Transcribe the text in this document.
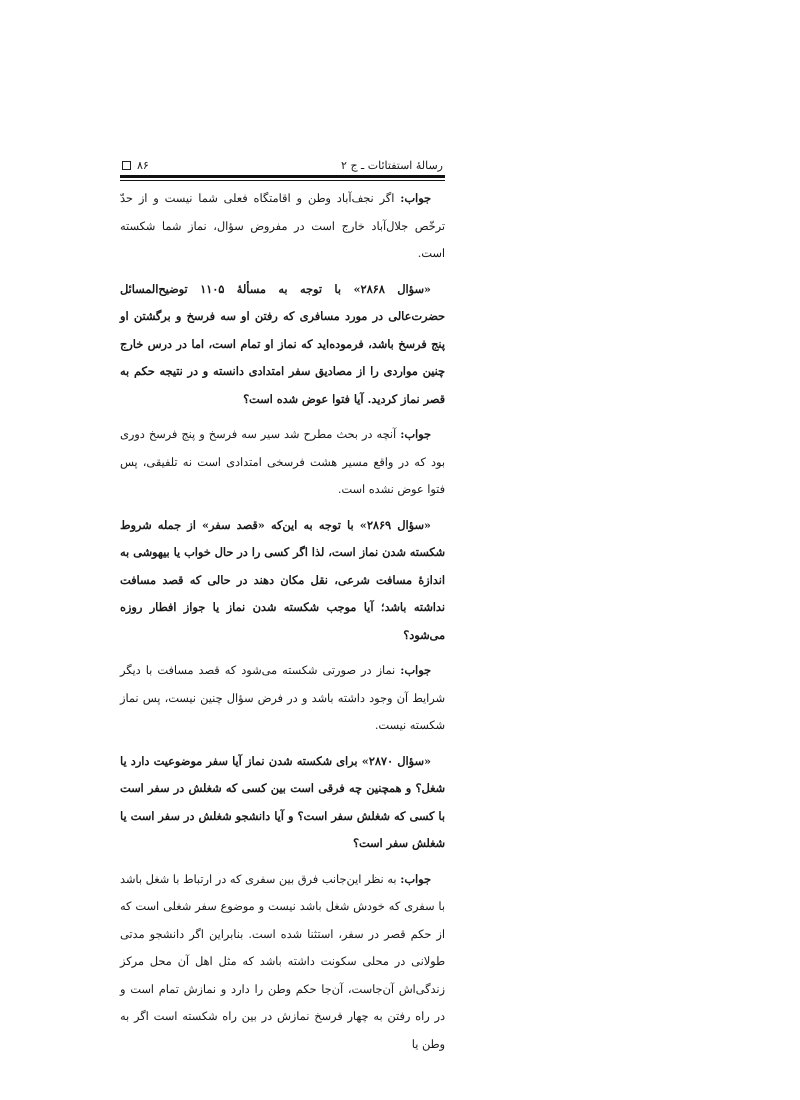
رسالهٔ استفتائات ـ ج ۲
۸۶

جواب: اگر نجف‌آباد وطن و اقامتگاه فعلی شما نیست و از حدّ ترخّص جلال‌آباد خارج است در مفروض سؤال، نماز شما شکسته است.

«سؤال ۲۸۶۸» با توجه به مسألهٔ ۱۱۰۵ توضیح‌المسائل حضرت‌عالی در مورد مسافری که رفتن او سه فرسخ و برگشتن او پنج فرسخ باشد، فرموده‌اید که نماز او تمام است، اما در درس خارج چنین مواردی را از مصادیق سفر امتدادی دانسته و در نتیجه حکم به قصر نماز کردید. آیا فتوا عوض شده است؟

جواب: آنچه در بحث مطرح شد سیر سه فرسخ و پنج فرسخ دوری بود که در واقع مسیر هشت فرسخی امتدادی است نه تلفیقی، پس فتوا عوض نشده است.

«سؤال ۲۸۶۹» با توجه به این‌که «قصد سفر» از جمله شروط شکسته شدن نماز است، لذا اگر کسی را در حال خواب یا بیهوشی به اندازهٔ مسافت شرعی، نقل مکان دهند در حالی که قصد مسافت نداشته باشد؛ آیا موجب شکسته شدن نماز یا جواز افطار روزه می‌شود؟

جواب: نماز در صورتی شکسته می‌شود که قصد مسافت با دیگر شرایط آن وجود داشته باشد و در فرض سؤال چنین نیست، پس نماز شکسته نیست.

«سؤال ۲۸۷۰» برای شکسته شدن نماز آیا سفر موضوعیت دارد یا شغل؟ و همچنین چه فرقی است بین کسی که شغلش در سفر است با کسی که شغلش سفر است؟ و آیا دانشجو شغلش در سفر است یا شغلش سفر است؟

جواب: به نظر این‌جانب فرق بین سفری که در ارتباط با شغل باشد با سفری که خودش شغل باشد نیست و موضوع سفر شغلی است که از حکم قصر در سفر، استثنا شده است. بنابراین اگر دانشجو مدتی طولانی در محلی سکونت داشته باشد که مثل اهل آن محل مرکز زندگی‌اش آن‌جاست، آن‌جا حکم وطن را دارد و نمازش تمام است و در راه رفتن به چهار فرسخ نمازش در بین راه شکسته است اگر به وطن یا
